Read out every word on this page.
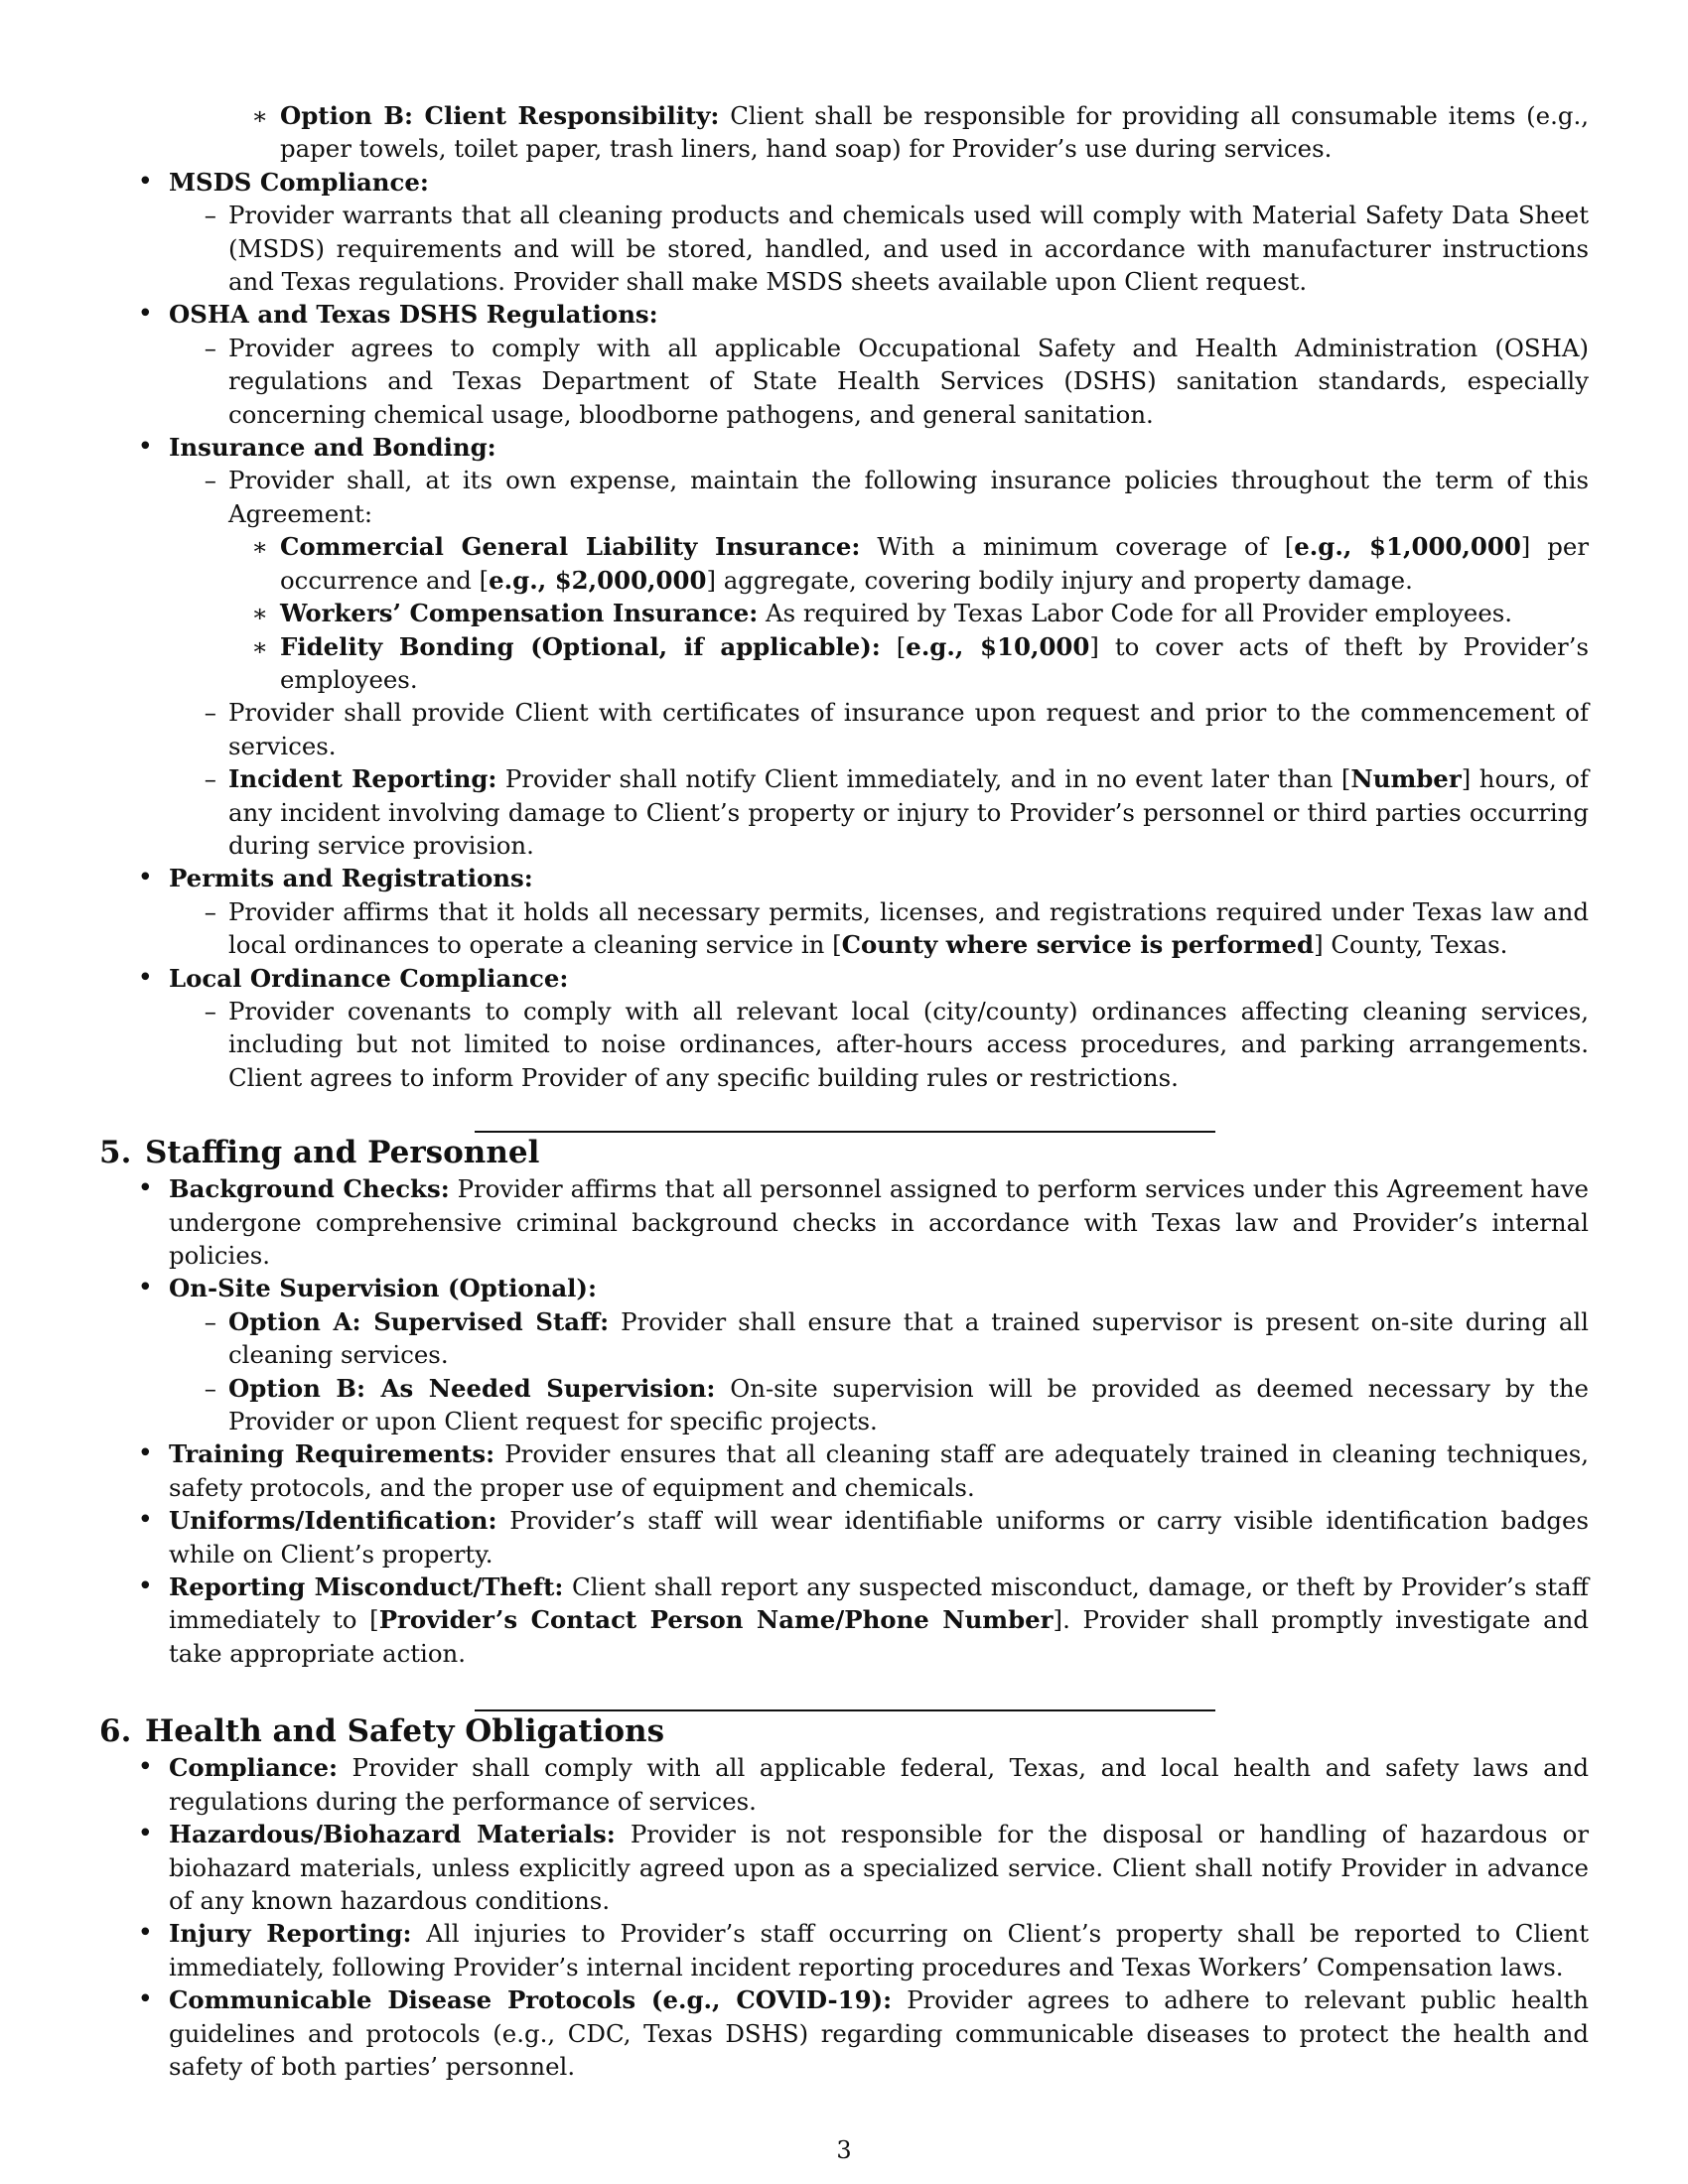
∗ Option B: Client Responsibility: Client shall be responsible for providing all consumable items (e.g., paper towels, toilet paper, trash liners, hand soap) for Provider’s use during services.
• MSDS Compliance:
– Provider warrants that all cleaning products and chemicals used will comply with Material Safety Data Sheet (MSDS) requirements and will be stored, handled, and used in accordance with manufacturer instructions and Texas regulations. Provider shall make MSDS sheets available upon Client request.
• OSHA and Texas DSHS Regulations:
– Provider agrees to comply with all applicable Occupational Safety and Health Administration (OSHA) regulations and Texas Department of State Health Services (DSHS) sanitation standards, especially concerning chemical usage, bloodborne pathogens, and general sanitation.
• Insurance and Bonding:
– Provider shall, at its own expense, maintain the following insurance policies throughout the term of this Agreement:
∗ Commercial General Liability Insurance: With a minimum coverage of [e.g., $1,000,000] per occurrence and [e.g., $2,000,000] aggregate, covering bodily injury and property damage.
∗ Workers’ Compensation Insurance: As required by Texas Labor Code for all Provider employees.
∗ Fidelity Bonding (Optional, if applicable): [e.g., $10,000] to cover acts of theft by Provider’s employees.
– Provider shall provide Client with certificates of insurance upon request and prior to the commencement of services.
– Incident Reporting: Provider shall notify Client immediately, and in no event later than [Number] hours, of any incident involving damage to Client’s property or injury to Provider’s personnel or third parties occurring during service provision.
• Permits and Registrations:
– Provider affirms that it holds all necessary permits, licenses, and registrations required under Texas law and local ordinances to operate a cleaning service in [County where service is performed] County, Texas.
• Local Ordinance Compliance:
– Provider covenants to comply with all relevant local (city/county) ordinances affecting cleaning services, including but not limited to noise ordinances, after-hours access procedures, and parking arrangements. Client agrees to inform Provider of any specific building rules or restrictions.
5. Staffing and Personnel
• Background Checks: Provider affirms that all personnel assigned to perform services under this Agreement have undergone comprehensive criminal background checks in accordance with Texas law and Provider’s internal policies.
• On-Site Supervision (Optional):
– Option A: Supervised Staff: Provider shall ensure that a trained supervisor is present on-site during all cleaning services.
– Option B: As Needed Supervision: On-site supervision will be provided as deemed necessary by the Provider or upon Client request for specific projects.
• Training Requirements: Provider ensures that all cleaning staff are adequately trained in cleaning techniques, safety protocols, and the proper use of equipment and chemicals.
• Uniforms/Identification: Provider’s staff will wear identifiable uniforms or carry visible identification badges while on Client’s property.
• Reporting Misconduct/Theft: Client shall report any suspected misconduct, damage, or theft by Provider’s staff immediately to [Provider’s Contact Person Name/Phone Number]. Provider shall promptly investigate and take appropriate action.
6. Health and Safety Obligations
• Compliance: Provider shall comply with all applicable federal, Texas, and local health and safety laws and regulations during the performance of services.
• Hazardous/Biohazard Materials: Provider is not responsible for the disposal or handling of hazardous or biohazard materials, unless explicitly agreed upon as a specialized service. Client shall notify Provider in advance of any known hazardous conditions.
• Injury Reporting: All injuries to Provider’s staff occurring on Client’s property shall be reported to Client immediately, following Provider’s internal incident reporting procedures and Texas Workers’ Compensation laws.
• Communicable Disease Protocols (e.g., COVID-19): Provider agrees to adhere to relevant public health guidelines and protocols (e.g., CDC, Texas DSHS) regarding communicable diseases to protect the health and safety of both parties’ personnel.
3
